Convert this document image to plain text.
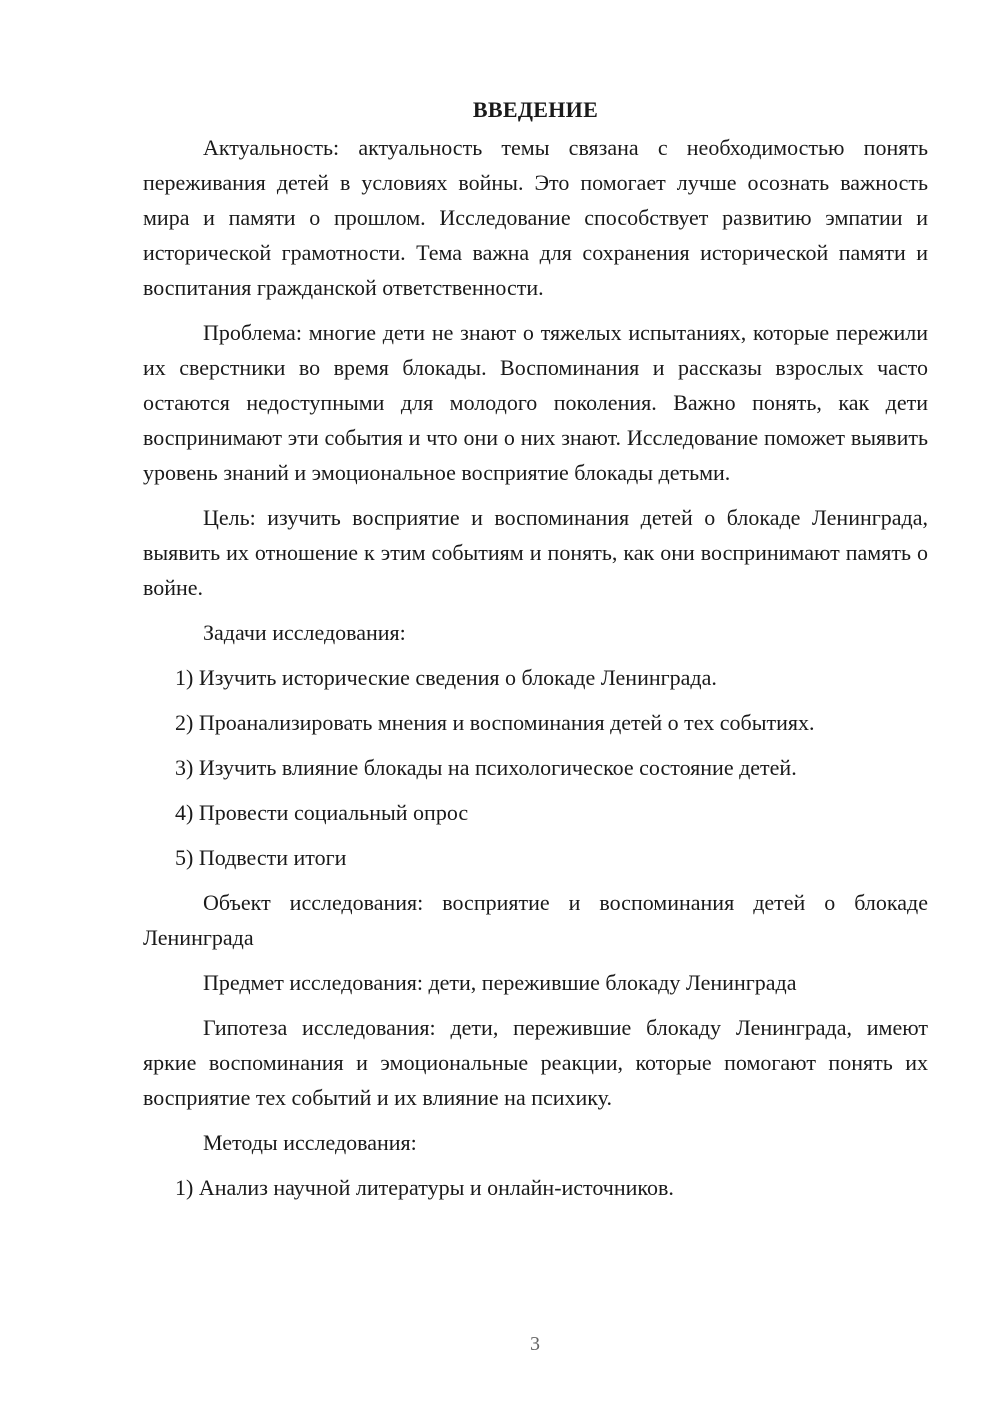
ВВЕДЕНИЕ

Актуальность: актуальность темы связана с необходимостью понять переживания детей в условиях войны. Это помогает лучше осознать важность мира и памяти о прошлом. Исследование способствует развитию эмпатии и исторической грамотности. Тема важна для сохранения исторической памяти и воспитания гражданской ответственности.

Проблема: многие дети не знают о тяжелых испытаниях, которые пережили их сверстники во время блокады. Воспоминания и рассказы взрослых часто остаются недоступными для молодого поколения. Важно понять, как дети воспринимают эти события и что они о них знают. Исследование поможет выявить уровень знаний и эмоциональное восприятие блокады детьми.

Цель: изучить восприятие и воспоминания детей о блокаде Ленинграда, выявить их отношение к этим событиям и понять, как они воспринимают память о войне.

Задачи исследования:
1) Изучить исторические сведения о блокаде Ленинграда.
2) Проанализировать мнения и воспоминания детей о тех событиях.
3) Изучить влияние блокады на психологическое состояние детей.
4) Провести социальный опрос
5) Подвести итоги

Объект исследования: восприятие и воспоминания детей о блокаде Ленинграда

Предмет исследования: дети, пережившие блокаду Ленинграда

Гипотеза исследования: дети, пережившие блокаду Ленинграда, имеют яркие воспоминания и эмоциональные реакции, которые помогают понять их восприятие тех событий и их влияние на психику.

Методы исследования:
1) Анализ научной литературы и онлайн-источников.
3
